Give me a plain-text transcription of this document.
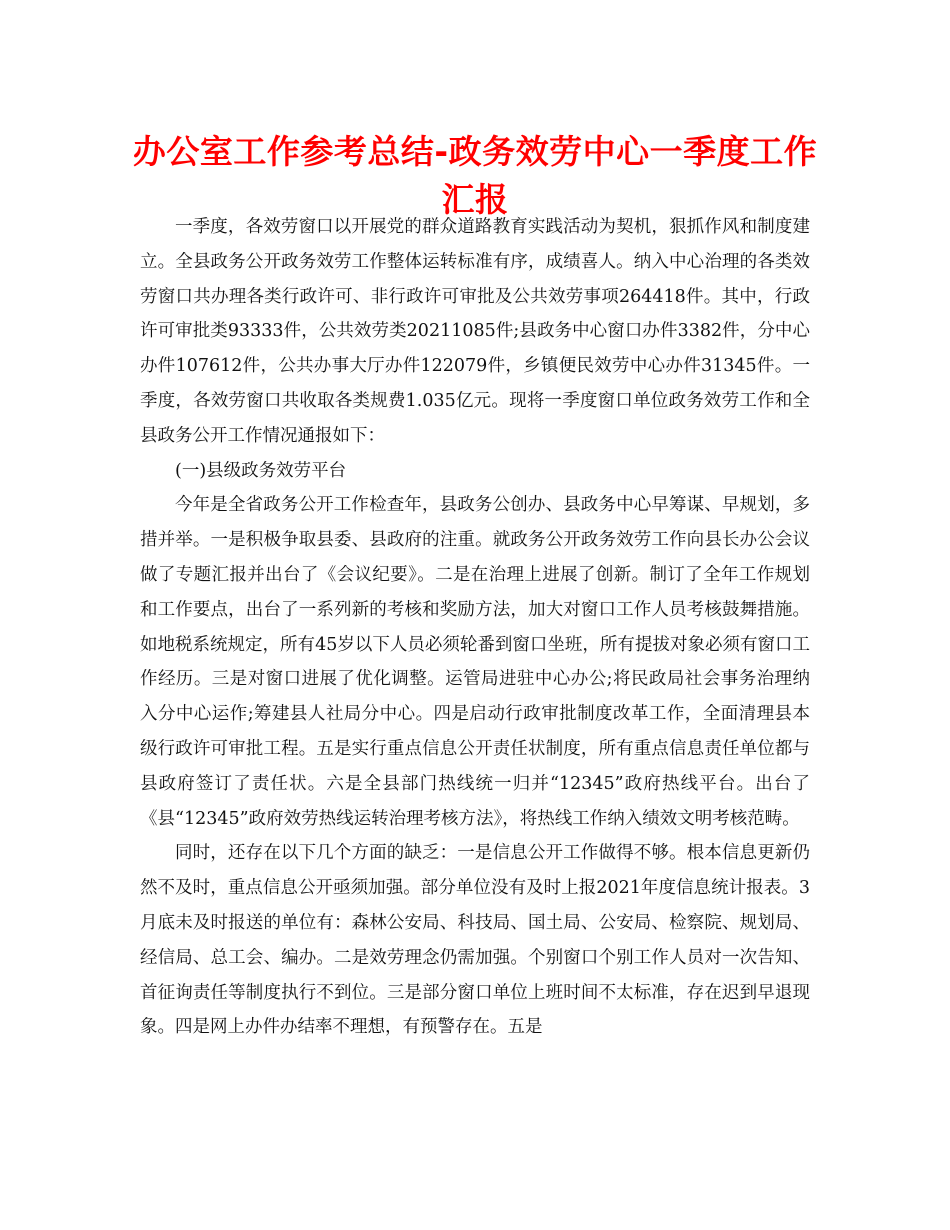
办公室工作参考总结-政务效劳中心一季度工作汇报

一季度，各效劳窗口以开展党的群众道路教育实践活动为契机，狠抓作风和制度建立。全县政务公开政务效劳工作整体运转标准有序，成绩喜人。纳入中心治理的各类效劳窗口共办理各类行政许可、非行政许可审批及公共效劳事项264418件。其中，行政许可审批类93333件，公共效劳类20211085件;县政务中心窗口办件3382件，分中心办件107612件，公共办事大厅办件122079件，乡镇便民效劳中心办件31345件。一季度，各效劳窗口共收取各类规费1.035亿元。现将一季度窗口单位政务效劳工作和全县政务公开工作情况通报如下：

(一)县级政务效劳平台

今年是全省政务公开工作检查年，县政务公创办、县政务中心早筹谋、早规划，多措并举。一是积极争取县委、县政府的注重。就政务公开政务效劳工作向县长办公会议做了专题汇报并出台了《会议纪要》。二是在治理上进展了创新。制订了全年工作规划和工作要点，出台了一系列新的考核和奖励方法，加大对窗口工作人员考核鼓舞措施。如地税系统规定，所有45岁以下人员必须轮番到窗口坐班，所有提拔对象必须有窗口工作经历。三是对窗口进展了优化调整。运管局进驻中心办公;将民政局社会事务治理纳入分中心运作;筹建县人社局分中心。四是启动行政审批制度改革工作，全面清理县本级行政许可审批工程。五是实行重点信息公开责任状制度，所有重点信息责任单位都与县政府签订了责任状。六是全县部门热线统一归并“12345”政府热线平台。出台了《县“12345”政府效劳热线运转治理考核方法》，将热线工作纳入绩效文明考核范畴。

同时，还存在以下几个方面的缺乏：一是信息公开工作做得不够。根本信息更新仍然不及时，重点信息公开亟须加强。部分单位没有及时上报2021年度信息统计报表。3月底未及时报送的单位有：森林公安局、科技局、国土局、公安局、检察院、规划局、经信局、总工会、编办。二是效劳理念仍需加强。个别窗口个别工作人员对一次告知、首征询责任等制度执行不到位。三是部分窗口单位上班时间不太标准，存在迟到早退现象。四是网上办件办结率不理想，有预警存在。五是
